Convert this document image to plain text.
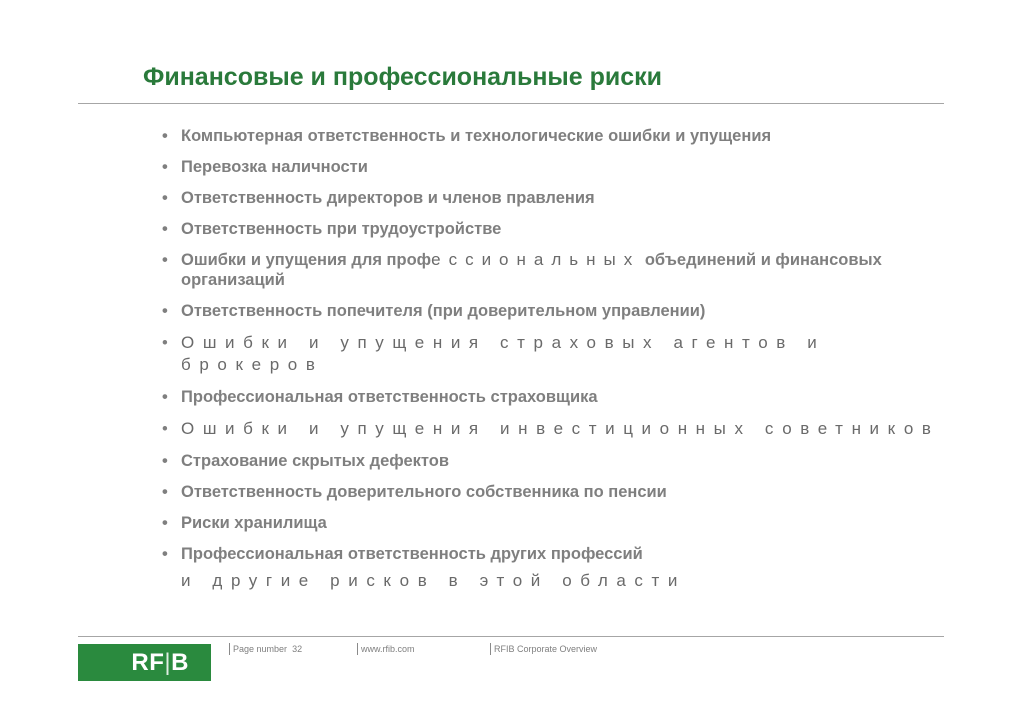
Финансовые и профессиональные риски
• Компьютерная ответственность и технологические ошибки и упущения
• Перевозка наличности
• Ответственность директоров и членов правления
• Ответственность при трудоустройстве
• Ошибки и упущения для профессиональных объединений и финансовых организаций
• Ответственность попечителя (при доверительном управлении)
• Ошибки и упущения страховых агентов и брокеров
• Профессиональная ответственность страховщика
• Ошибки и упущения инвестиционных советников
• Страхование скрытых дефектов
• Ответственность доверительного собственника по пенсии
• Риски хранилища
• Профессиональная ответственность других профессий
и другие рисков в этой области
RF|B	Page number 32	www.rfib.com	RFIB Corporate Overview
